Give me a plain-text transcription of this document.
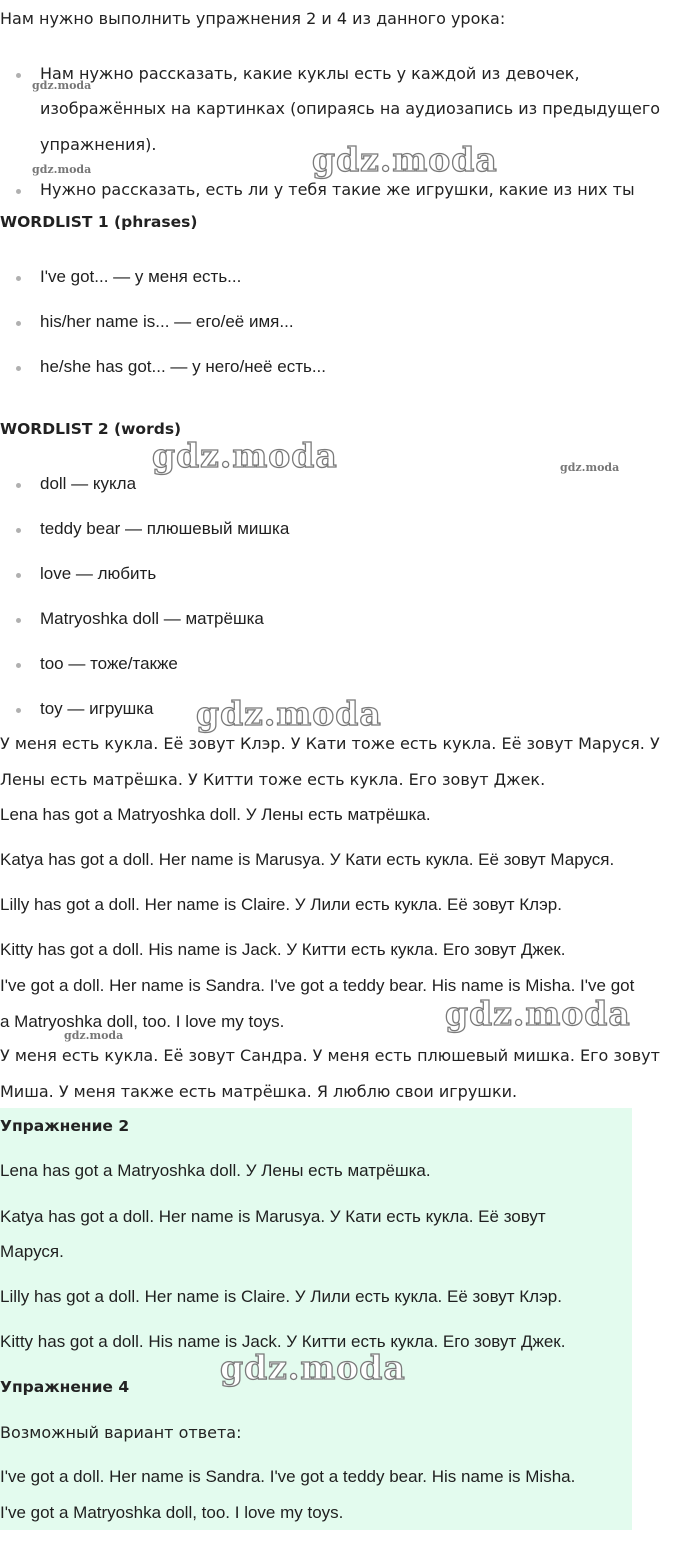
Нам нужно выполнить упражнения 2 и 4 из данного урока:
Нам нужно рассказать, какие куклы есть у каждой из девочек,
изображённых на картинках (опираясь на аудиозапись из предыдущего
упражнения).
Нужно рассказать, есть ли у тебя такие же игрушки, какие из них ты
WORDLIST 1 (phrases)
I've got... — у меня есть...
his/her name is... — его/её имя...
he/she has got... — у него/неё есть...
WORDLIST 2 (words)
doll — кукла
teddy bear — плюшевый мишка
love — любить
Matryoshka doll — матрёшка
too — тоже/также
toy — игрушка
У меня есть кукла. Её зовут Клэр. У Кати тоже есть кукла. Её зовут Маруся. У
Лены есть матрёшка. У Китти тоже есть кукла. Его зовут Джек.
Lena has got a Matryoshka doll. У Лены есть матрёшка.
Katya has got a doll. Her name is Marusya. У Кати есть кукла. Её зовут Маруся.
Lilly has got a doll. Her name is Claire. У Лили есть кукла. Её зовут Клэр.
Kitty has got a doll. His name is Jack. У Китти есть кукла. Его зовут Джек.
I've got a doll. Her name is Sandra. I've got a teddy bear. His name is Misha. I've got
a Matryoshka doll, too. I love my toys.
У меня есть кукла. Её зовут Сандра. У меня есть плюшевый мишка. Его зовут
Миша. У меня также есть матрёшка. Я люблю свои игрушки.
Упражнение 2
Lena has got a Matryoshka doll. У Лены есть матрёшка.
Katya has got a doll. Her name is Marusya. У Кати есть кукла. Её зовут
Маруся.
Lilly has got a doll. Her name is Claire. У Лили есть кукла. Её зовут Клэр.
Kitty has got a doll. His name is Jack. У Китти есть кукла. Его зовут Джек.
Упражнение 4
Возможный вариант ответа:
I've got a doll. Her name is Sandra. I've got a teddy bear. His name is Misha.
I've got a Matryoshka doll, too. I love my toys.
gdz.moda
gdz.moda	gdz.moda
gdz.moda	gdz.moda
gdz.moda
gdz.moda
gdz.moda
gdz.moda
